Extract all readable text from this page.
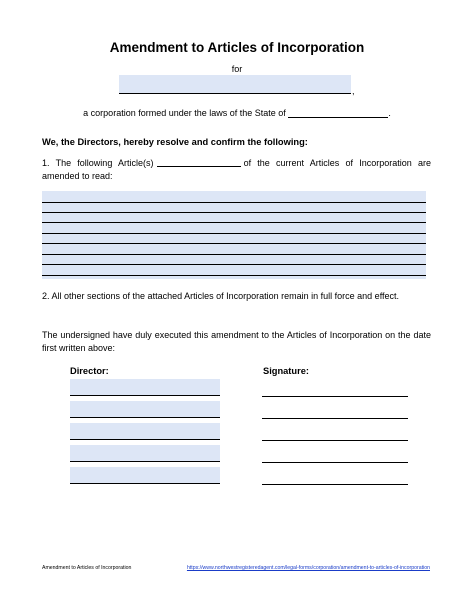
Amendment to Articles of Incorporation
for
,
a corporation formed under the laws of the State of	.
We, the Directors, hereby resolve and confirm the following:
1. The following Article(s)	of the current Articles of Incorporation are amended to read:
2. All other sections of the attached Articles of Incorporation remain in full force and effect.
The undersigned have duly executed this amendment to the Articles of Incorporation on the date first written above:
Director:	Signature:
Amendment to Articles of Incorporation	https://www.northwestregisteredagent.com/legal-forms/corporation/amendment-to-articles-of-incorporation
